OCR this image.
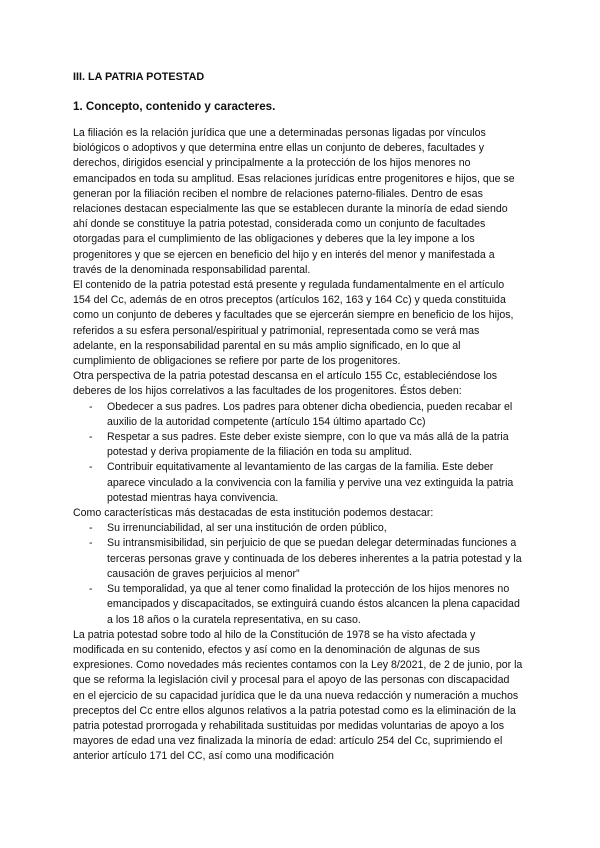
III. LA PATRIA POTESTAD
1. Concepto, contenido y caracteres.

La filiación es la relación jurídica que une a determinadas personas ligadas por vínculos biológicos o adoptivos y que determina entre ellas un conjunto de deberes, facultades y derechos, dirigidos esencial y principalmente a la protección de los hijos menores no emancipados en toda su amplitud. Esas relaciones jurídicas entre progenitores e hijos, que se generan por la filiación reciben el nombre de relaciones paterno-filiales. Dentro de esas relaciones destacan especialmente las que se establecen durante la minoría de edad siendo ahí donde se constituye la patria potestad, considerada como un conjunto de facultades otorgadas para el cumplimiento de las obligaciones y deberes que la ley impone a los progenitores y que se ejercen en beneficio del hijo y en interés del menor y manifestada a través de la denominada responsabilidad parental.

El contenido de la patria potestad está presente y regulada fundamentalmente en el artículo 154 del Cc, además de en otros preceptos (artículos 162, 163 y 164 Cc) y queda constituida como un conjunto de deberes y facultades que se ejercerán siempre en beneficio de los hijos, referidos a su esfera personal/espiritual y patrimonial, representada como se verá mas adelante, en la responsabilidad parental en su más amplio significado, en lo que al cumplimiento de obligaciones se refiere por parte de los progenitores.

Otra perspectiva de la patria potestad descansa en el artículo 155 Cc, estableciéndose los deberes de los hijos correlativos a las facultades de los progenitores. Éstos deben:

- Obedecer a sus padres. Los padres para obtener dicha obediencia, pueden recabar el auxilio de la autoridad competente (artículo 154 último apartado Cc)
- Respetar a sus padres. Este deber existe siempre, con lo que va más allá de la patria potestad y deriva propiamente de la filiación en toda su amplitud.
- Contribuir equitativamente al levantamiento de las cargas de la familia. Este deber aparece vinculado a la convivencia con la familia y pervive una vez extinguida la patria potestad mientras haya convivencia.

Como características más destacadas de esta institución podemos destacar:

- Su irrenunciabilidad, al ser una institución de orden público,
- Su intransmisibilidad, sin perjuicio de que se puedan delegar determinadas funciones a terceras personas grave y continuada de los deberes inherentes a la patria potestad y la causación de graves perjuicios al menor”
- Su temporalidad, ya que al tener como finalidad la protección de los hijos menores no emancipados y discapacitados, se extinguirá cuando éstos alcancen la plena capacidad a los 18 años o la curatela representativa, en su caso.

La patria potestad sobre todo al hilo de la Constitución de 1978 se ha visto afectada y modificada en su contenido, efectos y así como en la denominación de algunas de sus expresiones. Como novedades más recientes contamos con la Ley 8/2021, de 2 de junio, por la que se reforma la legislación civil y procesal para el apoyo de las personas con discapacidad en el ejercicio de su capacidad jurídica que le da una nueva redacción y numeración a muchos preceptos del Cc entre ellos algunos relativos a la patria potestad como es la eliminación de la patria potestad prorrogada y rehabilitada sustituidas por medidas voluntarias de apoyo a los mayores de edad una vez finalizada la minoría de edad: artículo 254 del Cc, suprimiendo el anterior artículo 171 del CC, así como una modificación
